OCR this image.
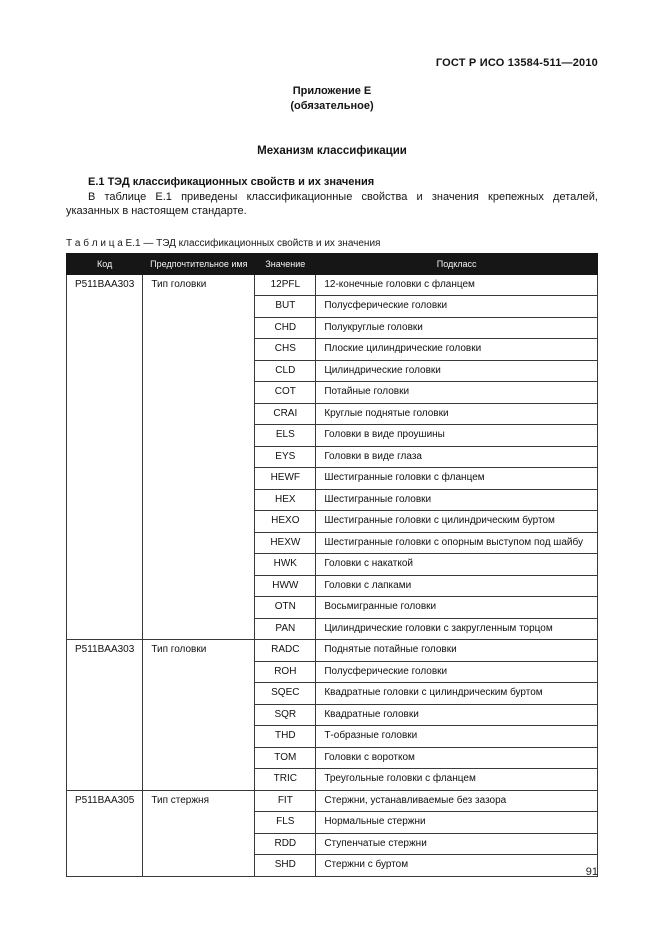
ГОСТ Р ИСО 13584-511—2010
Приложение Е
(обязательное)
Механизм классификации
Е.1 ТЭД классификационных свойств и их значения
В таблице Е.1 приведены классификационные свойства и значения крепежных деталей, указанных в настоящем стандарте.
Т а б л и ц а Е.1 — ТЭД классификационных свойств и их значения
Код	Предпочтительное имя	Значение	Подкласс
P511BAA303	Тип головки	12PFL	12-конечные головки с фланцем
		BUT	Полусферические головки
		CHD	Полукруглые головки
		CHS	Плоские цилиндрические головки
		CLD	Цилиндрические головки
		COT	Потайные головки
		CRAI	Круглые поднятые головки
		ELS	Головки в виде проушины
		EYS	Головки в виде глаза
		HEWF	Шестигранные головки с фланцем
		HEX	Шестигранные головки
		HEXO	Шестигранные головки с цилиндрическим буртом
		HEXW	Шестигранные головки с опорным выступом под шайбу
		HWK	Головки с накаткой
		HWW	Головки с лапками
		OTN	Восьмигранные головки
		PAN	Цилиндрические головки с закругленным торцом
P511BAA303	Тип головки	RADC	Поднятые потайные головки
		ROH	Полусферические головки
		SQEC	Квадратные головки с цилиндрическим буртом
		SQR	Квадратные головки
		THD	Т-образные головки
		TOM	Головки с воротком
		TRIC	Треугольные головки с фланцем
P511BAA305	Тип стержня	FIT	Стержни, устанавливаемые без зазора
		FLS	Нормальные стержни
		RDD	Ступенчатые стержни
		SHD	Стержни с буртом
91
